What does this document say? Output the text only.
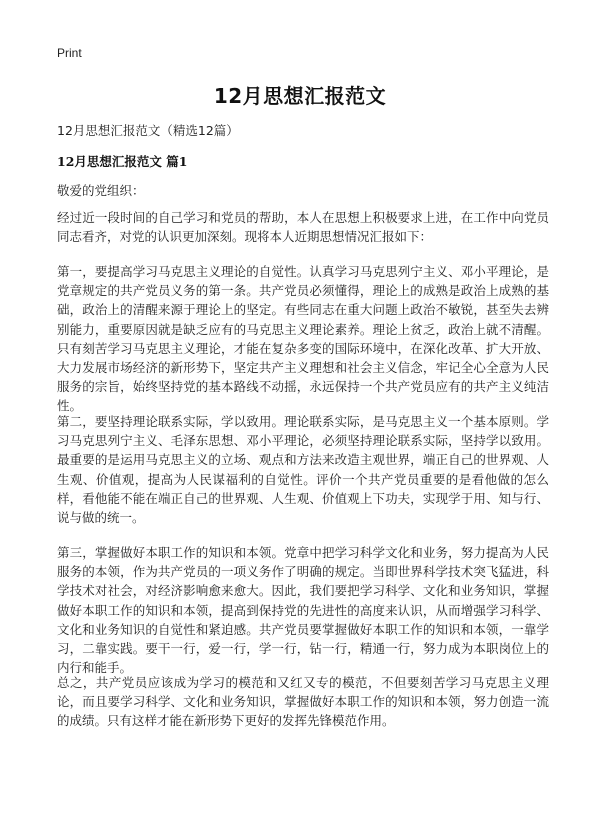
Print
12月思想汇报范文
12月思想汇报范文（精选12篇）
12月思想汇报范文 篇1
敬爱的党组织：

经过近一段时间的自己学习和党员的帮助，本人在思想上积极要求上进，在工作中向党员同志看齐，对党的认识更加深刻。现将本人近期思想情况汇报如下：

第一，要提高学习马克思主义理论的自觉性。认真学习马克思列宁主义、邓小平理论，是党章规定的共产党员义务的第一条。共产党员必须懂得，理论上的成熟是政治上成熟的基础，政治上的清醒来源于理论上的坚定。有些同志在重大问题上政治不敏锐，甚至失去辨别能力，重要原因就是缺乏应有的马克思主义理论素养。理论上贫乏，政治上就不清醒。只有刻苦学习马克思主义理论，才能在复杂多变的国际环境中，在深化改革、扩大开放、大力发展市场经济的新形势下，坚定共产主义理想和社会主义信念，牢记全心全意为人民服务的宗旨，始终坚持党的基本路线不动摇，永远保持一个共产党员应有的共产主义纯洁性。

第二，要坚持理论联系实际，学以致用。理论联系实际，是马克思主义一个基本原则。学习马克思列宁主义、毛泽东思想、邓小平理论，必须坚持理论联系实际，坚持学以致用。最重要的是运用马克思主义的立场、观点和方法来改造主观世界，端正自己的世界观、人生观、价值观，提高为人民谋福利的自觉性。评价一个共产党员重要的是看他做的怎么样，看他能不能在端正自己的世界观、人生观、价值观上下功夫，实现学于用、知与行、说与做的统一。

第三，掌握做好本职工作的知识和本领。党章中把学习科学文化和业务，努力提高为人民服务的本领，作为共产党员的一项义务作了明确的规定。当即世界科学技术突飞猛进，科学技术对社会，对经济影响愈来愈大。因此，我们要把学习科学、文化和业务知识，掌握做好本职工作的知识和本领，提高到保持党的先进性的高度来认识，从而增强学习科学、文化和业务知识的自觉性和紧迫感。共产党员要掌握做好本职工作的知识和本领，一靠学习，二靠实践。要干一行，爱一行，学一行，钻一行，精通一行，努力成为本职岗位上的内行和能手。

总之，共产党员应该成为学习的模范和又红又专的模范，不但要刻苦学习马克思主义理论，而且要学习科学、文化和业务知识，掌握做好本职工作的知识和本领，努力创造一流的成绩。只有这样才能在新形势下更好的发挥先锋模范作用。
